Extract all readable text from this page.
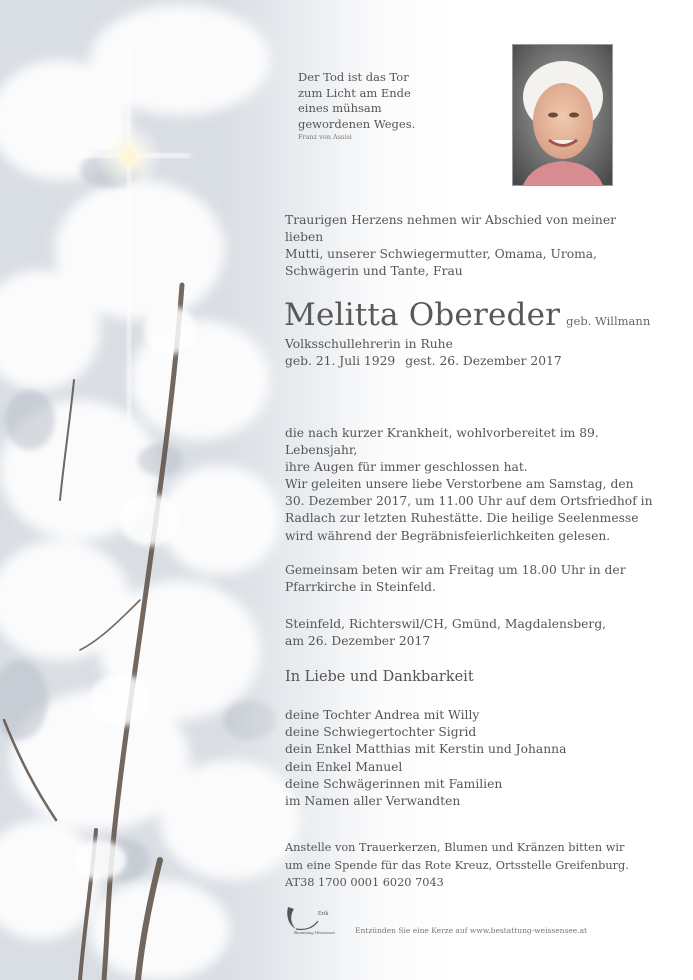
Der Tod ist das Tor
zum Licht am Ende
eines mühsam
gewordenen Weges.
Franz von Assisi
Traurigen Herzens nehmen wir Abschied von meiner lieben
Mutti, unserer Schwiegermutter, Omama, Uroma,
Schwägerin und Tante, Frau
Melitta Obereder geb. Willmann
Volksschullehrerin in Ruhe
geb. 21. Juli 1929 gest. 26. Dezember 2017
die nach kurzer Krankheit, wohlvorbereitet im 89. Lebensjahr,
ihre Augen für immer geschlossen hat.
Wir geleiten unsere liebe Verstorbene am Samstag, den
30. Dezember 2017, um 11.00 Uhr auf dem Ortsfriedhof in
Radlach zur letzten Ruhestätte. Die heilige Seelenmesse
wird während der Begräbnisfeierlichkeiten gelesen.
Gemeinsam beten wir am Freitag um 18.00 Uhr in der
Pfarrkirche in Steinfeld.
Steinfeld, Richterswil/CH, Gmünd, Magdalensberg,
am 26. Dezember 2017
In Liebe und Dankbarkeit
deine Tochter Andrea mit Willy
deine Schwiegertochter Sigrid
dein Enkel Matthias mit Kerstin und Johanna
dein Enkel Manuel
deine Schwägerinnen mit Familien
im Namen aller Verwandten
Anstelle von Trauerkerzen, Blumen und Kränzen bitten wir
um eine Spende für das Rote Kreuz, Ortsstelle Greifenburg.
AT38 1700 0001 6020 7043
Erik
Bestattung Weissensee	Entzünden Sie eine Kerze auf www.bestattung-weissensee.at
